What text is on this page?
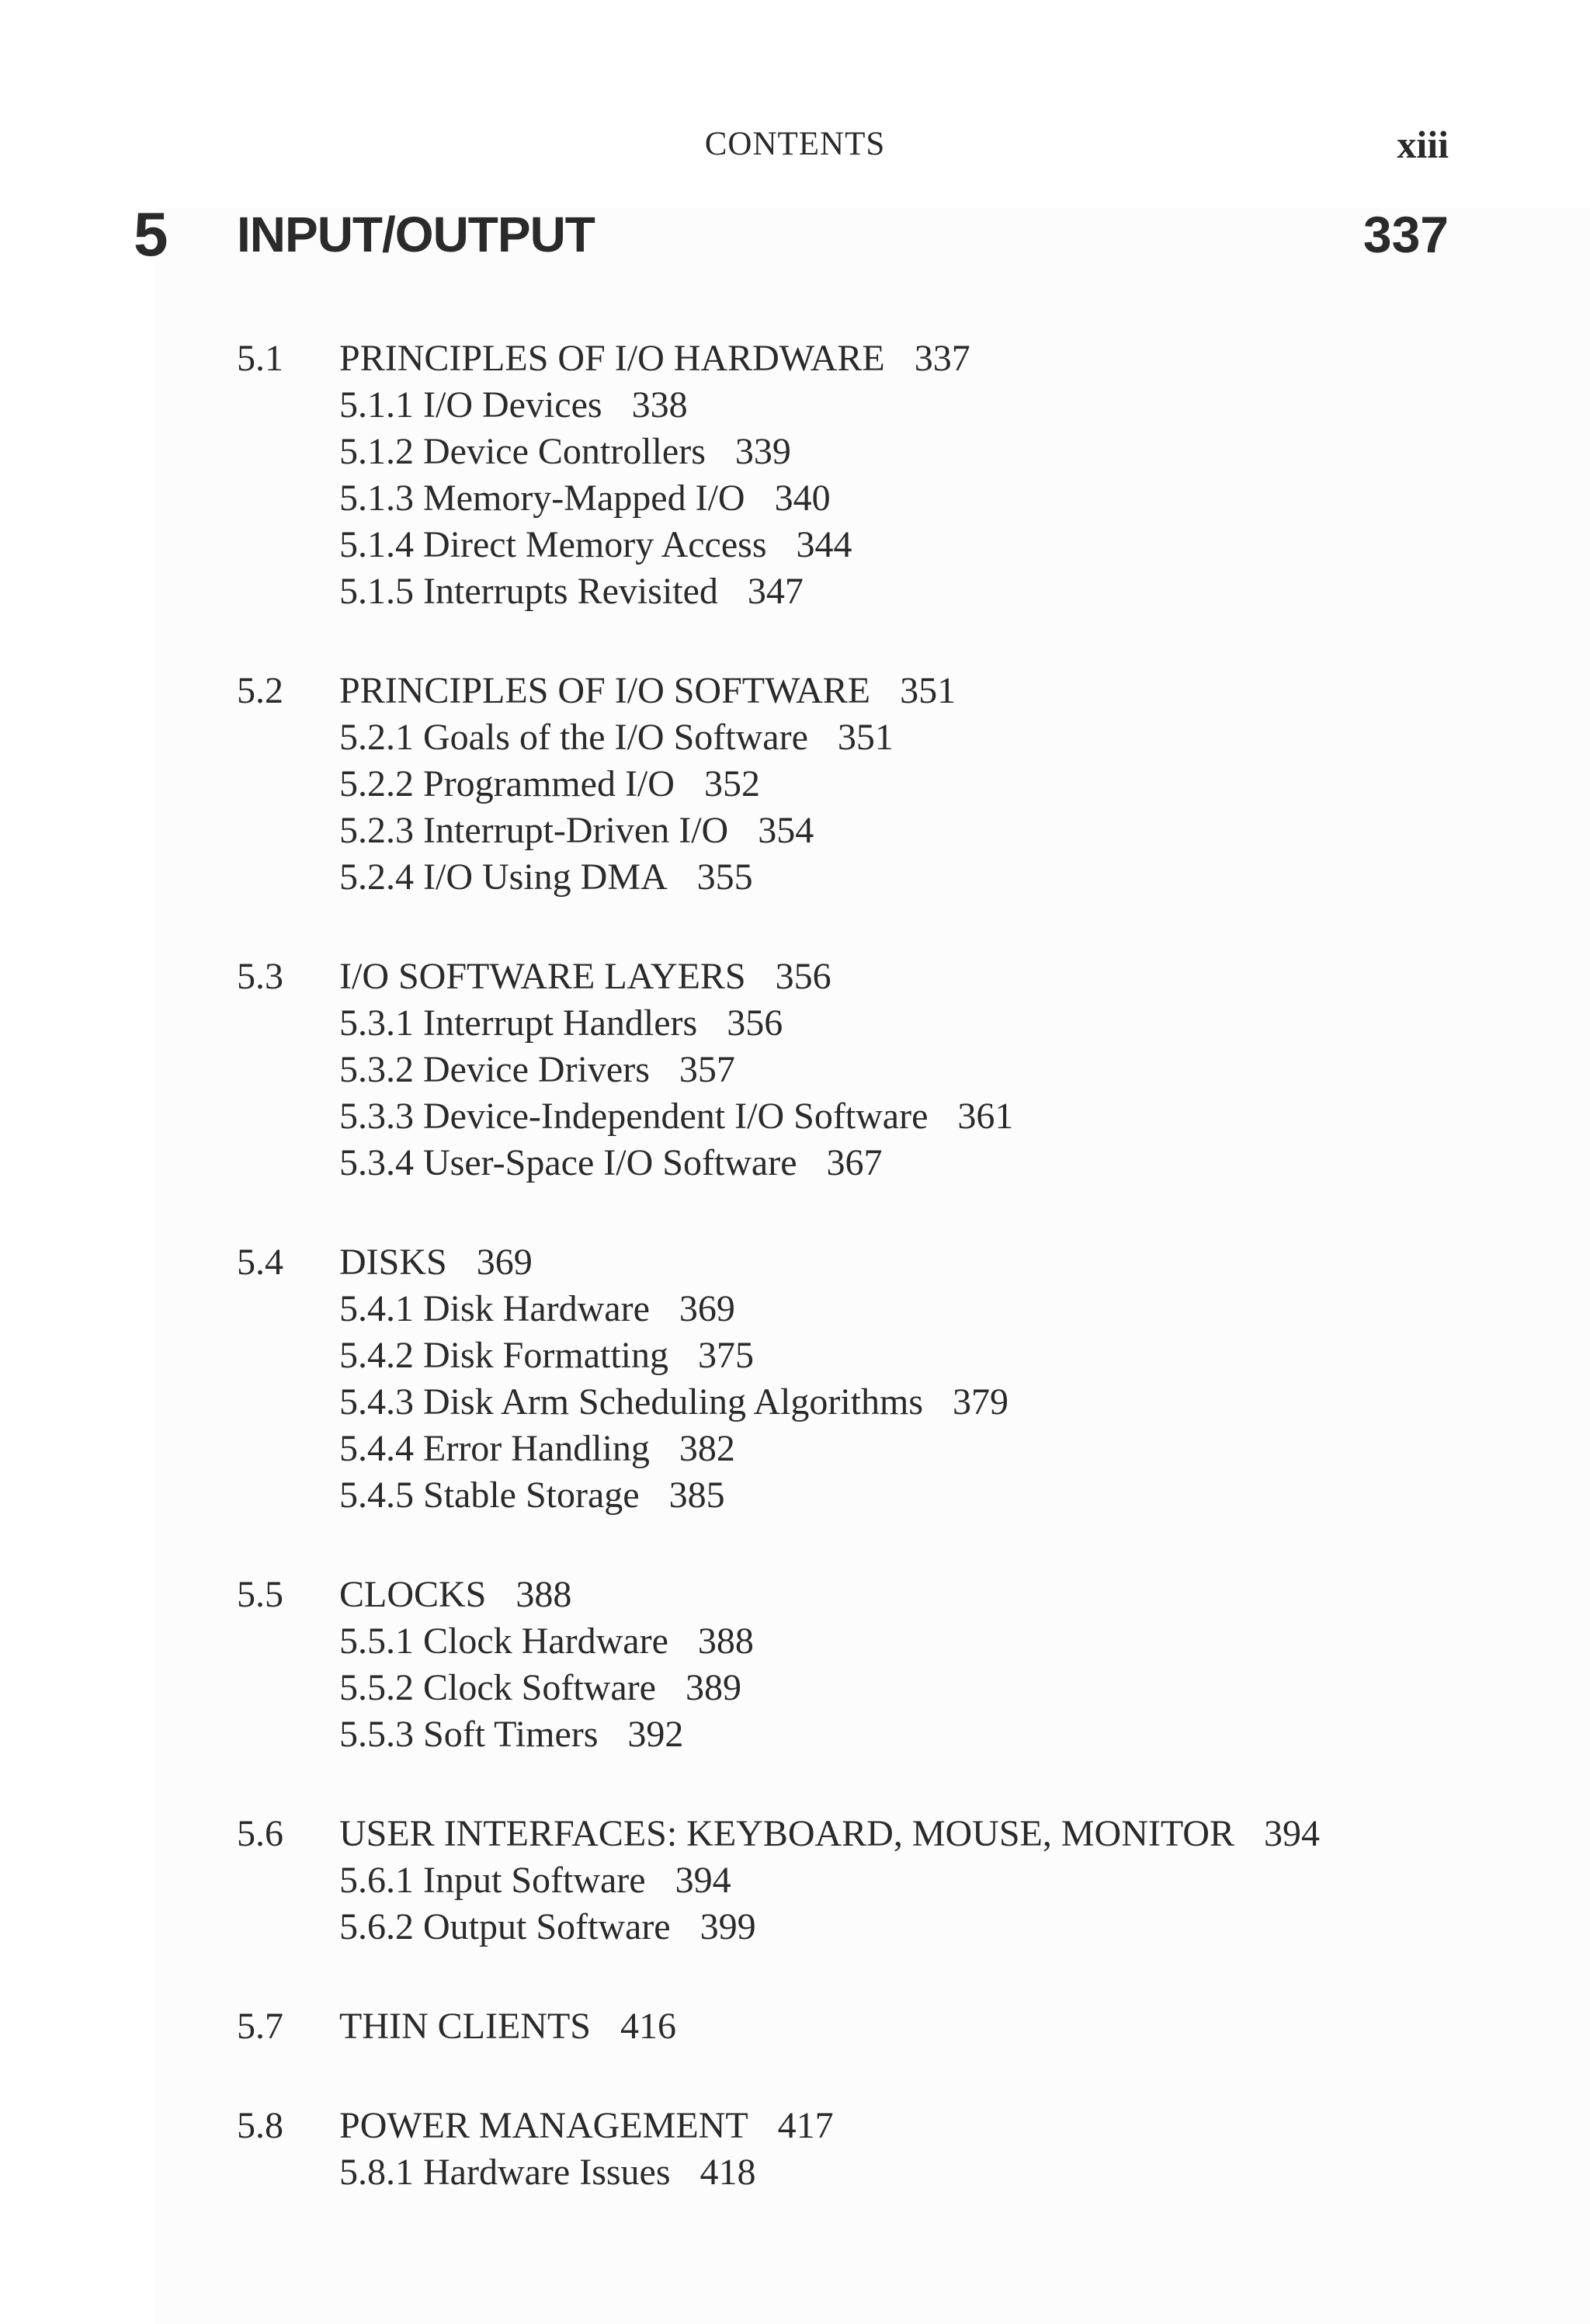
CONTENTS	xiii
5 INPUT/OUTPUT	337
5.1 PRINCIPLES OF I/O HARDWARE 337
5.1.1 I/O Devices 338
5.1.2 Device Controllers 339
5.1.3 Memory-Mapped I/O 340
5.1.4 Direct Memory Access 344
5.1.5 Interrupts Revisited 347
5.2 PRINCIPLES OF I/O SOFTWARE 351
5.2.1 Goals of the I/O Software 351
5.2.2 Programmed I/O 352
5.2.3 Interrupt-Driven I/O 354
5.2.4 I/O Using DMA 355
5.3 I/O SOFTWARE LAYERS 356
5.3.1 Interrupt Handlers 356
5.3.2 Device Drivers 357
5.3.3 Device-Independent I/O Software 361
5.3.4 User-Space I/O Software 367
5.4 DISKS 369
5.4.1 Disk Hardware 369
5.4.2 Disk Formatting 375
5.4.3 Disk Arm Scheduling Algorithms 379
5.4.4 Error Handling 382
5.4.5 Stable Storage 385
5.5 CLOCKS 388
5.5.1 Clock Hardware 388
5.5.2 Clock Software 389
5.5.3 Soft Timers 392
5.6 USER INTERFACES: KEYBOARD, MOUSE, MONITOR 394
5.6.1 Input Software 394
5.6.2 Output Software 399
5.7 THIN CLIENTS 416
5.8 POWER MANAGEMENT 417
5.8.1 Hardware Issues 418
